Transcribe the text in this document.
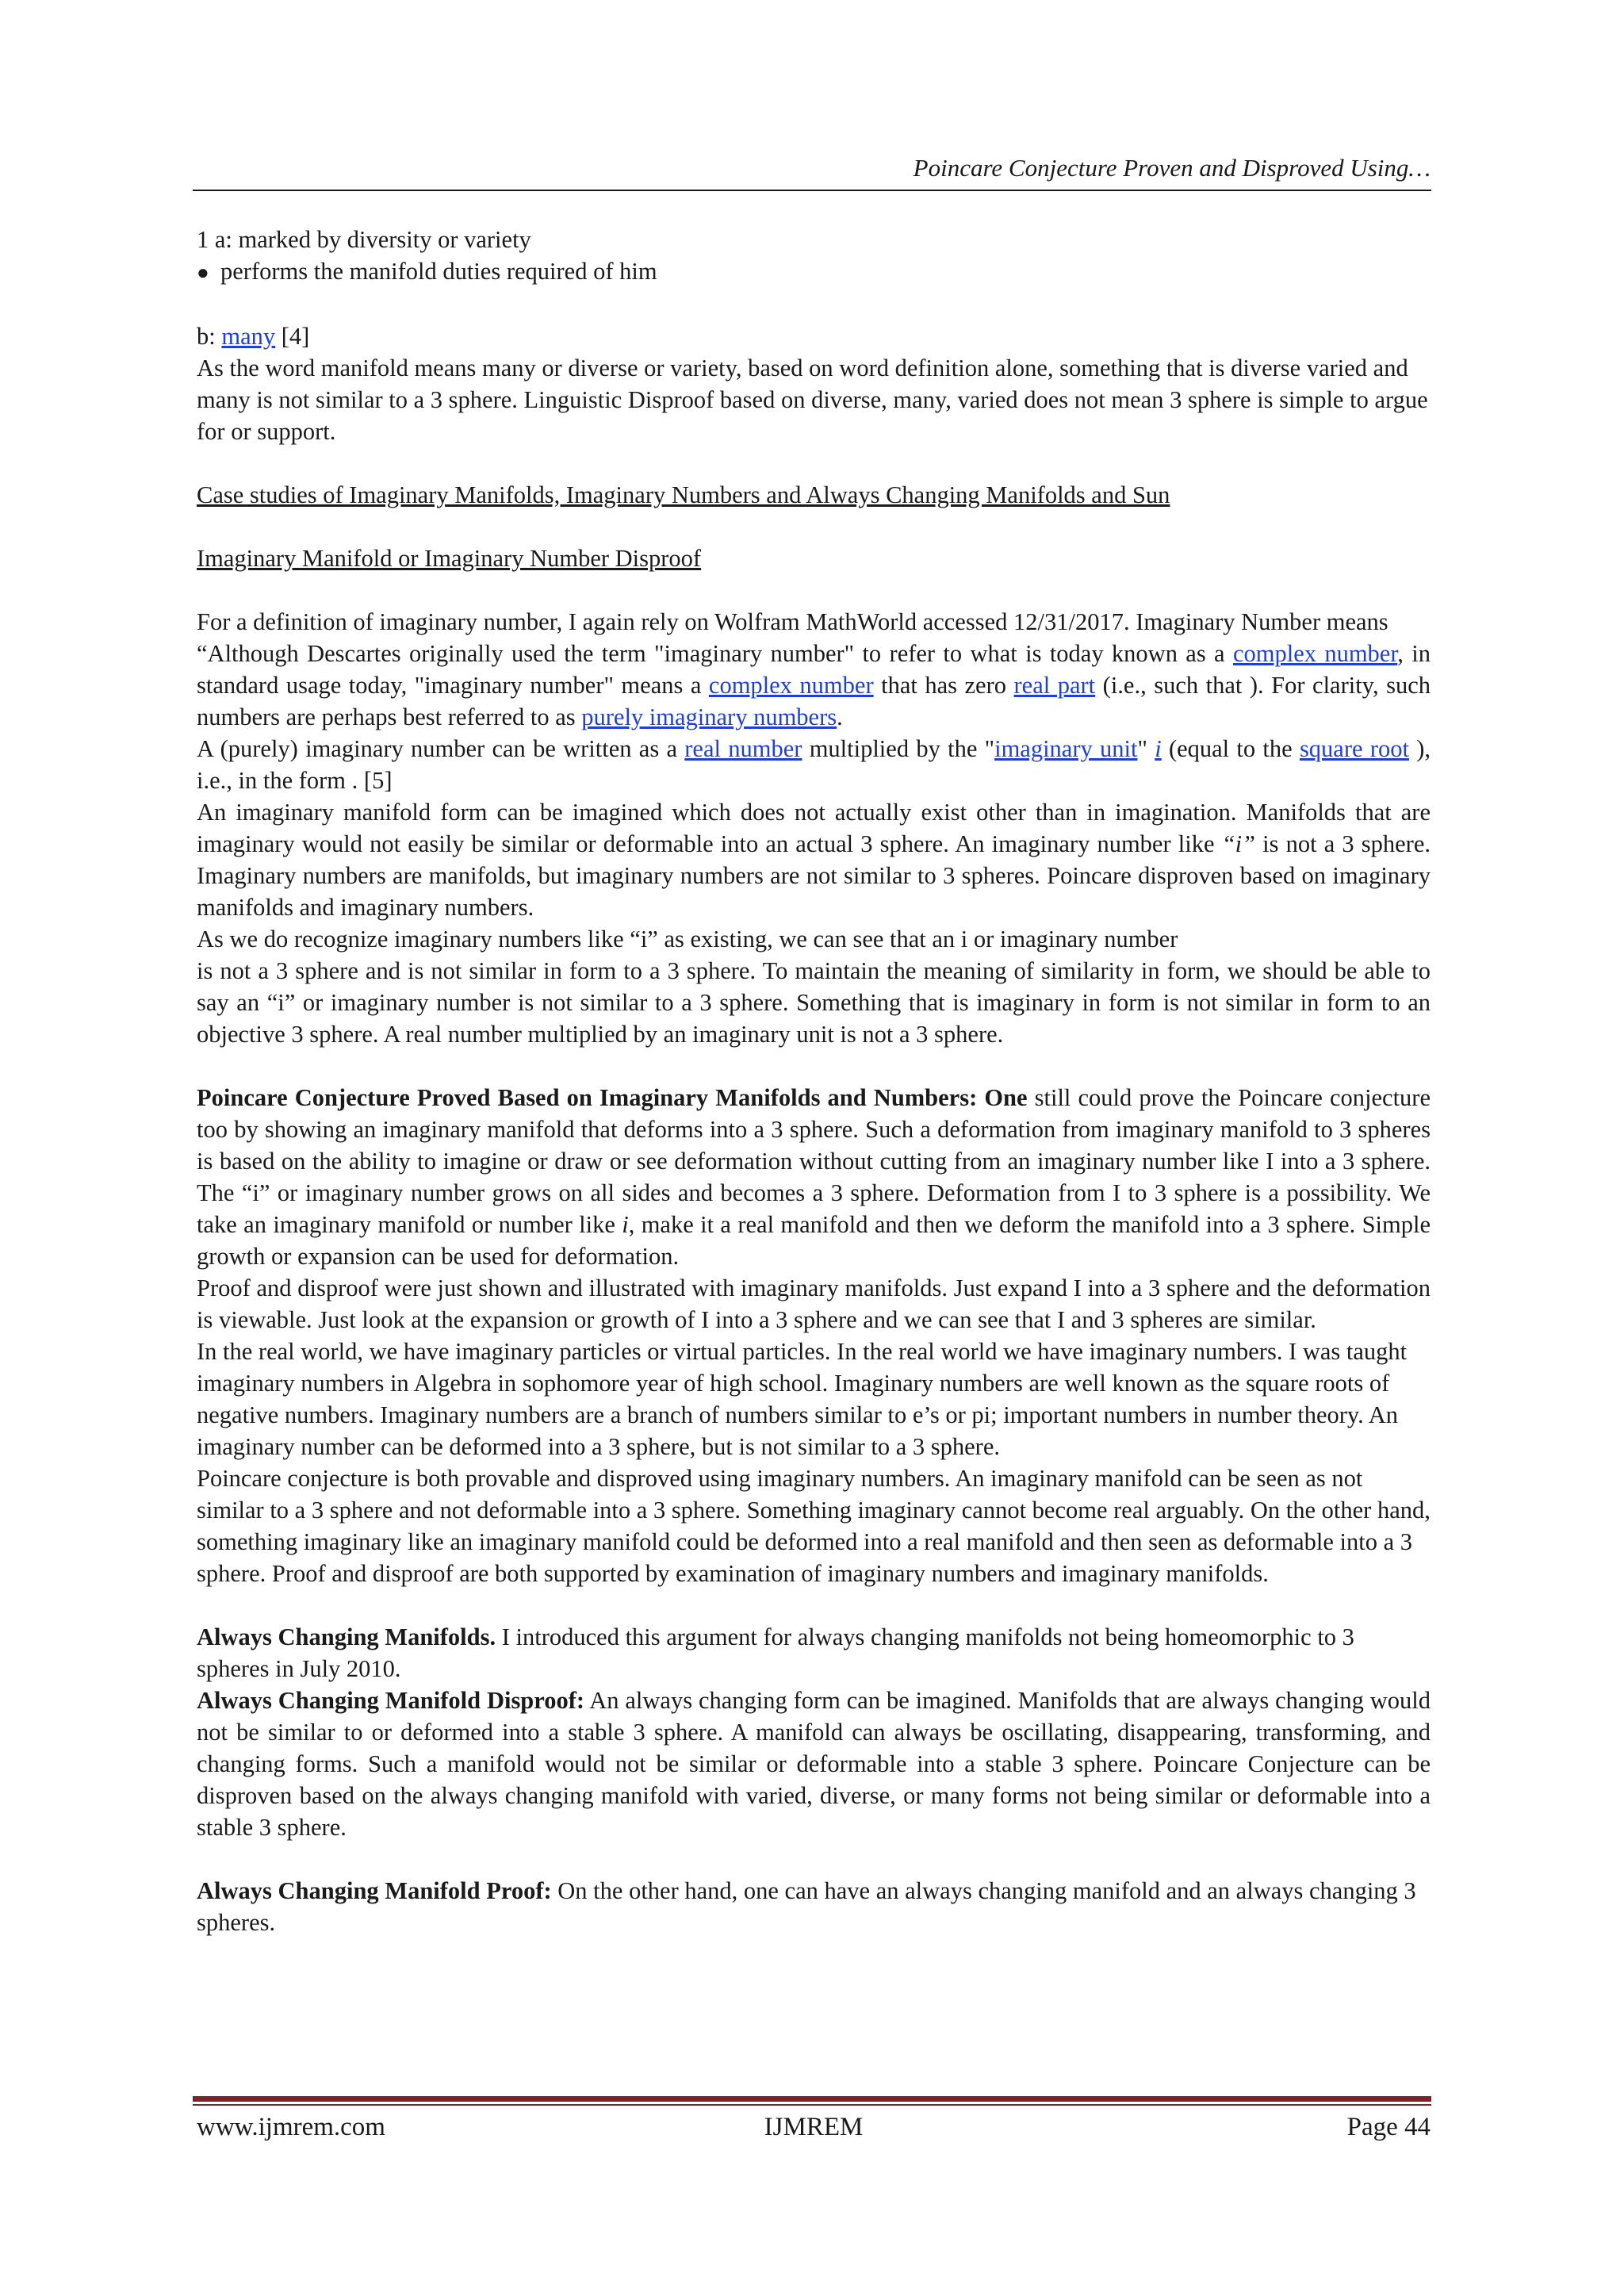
Poincare Conjecture Proven and Disproved Using…

1 a: marked by diversity or variety

● performs the manifold duties required of him

b: many [4]

As the word manifold means many or diverse or variety, based on word definition alone, something that is diverse varied and many is not similar to a 3 sphere. Linguistic Disproof based on diverse, many, varied does not mean 3 sphere is simple to argue for or support.

Case studies of Imaginary Manifolds, Imaginary Numbers and Always Changing Manifolds and Sun

Imaginary Manifold or Imaginary Number Disproof

For a definition of imaginary number, I again rely on Wolfram MathWorld accessed 12/31/2017. Imaginary Number means

“Although Descartes originally used the term "imaginary number" to refer to what is today known as a complex number, in standard usage today, "imaginary number" means a complex number that has zero real part (i.e., such that ). For clarity, such numbers are perhaps best referred to as purely imaginary numbers.

A (purely) imaginary number can be written as a real number multiplied by the "imaginary unit" i (equal to the square root ), i.e., in the form . [5]

An imaginary manifold form can be imagined which does not actually exist other than in imagination. Manifolds that are imaginary would not easily be similar or deformable into an actual 3 sphere. An imaginary number like “i” is not a 3 sphere. Imaginary numbers are manifolds, but imaginary numbers are not similar to 3 spheres. Poincare disproven based on imaginary manifolds and imaginary numbers.

As we do recognize imaginary numbers like “i” as existing, we can see that an i or imaginary number

is not a 3 sphere and is not similar in form to a 3 sphere. To maintain the meaning of similarity in form, we should be able to say an “i” or imaginary number is not similar to a 3 sphere. Something that is imaginary in form is not similar in form to an objective 3 sphere. A real number multiplied by an imaginary unit is not a 3 sphere.

Poincare Conjecture Proved Based on Imaginary Manifolds and Numbers: One still could prove the Poincare conjecture too by showing an imaginary manifold that deforms into a 3 sphere. Such a deformation from imaginary manifold to 3 spheres is based on the ability to imagine or draw or see deformation without cutting from an imaginary number like I into a 3 sphere. The “i” or imaginary number grows on all sides and becomes a 3 sphere. Deformation from I to 3 sphere is a possibility. We take an imaginary manifold or number like i, make it a real manifold and then we deform the manifold into a 3 sphere. Simple growth or expansion can be used for deformation.

Proof and disproof were just shown and illustrated with imaginary manifolds. Just expand I into a 3 sphere and the deformation is viewable. Just look at the expansion or growth of I into a 3 sphere and we can see that I and 3 spheres are similar.

In the real world, we have imaginary particles or virtual particles. In the real world we have imaginary numbers. I was taught imaginary numbers in Algebra in sophomore year of high school. Imaginary numbers are well known as the square roots of negative numbers. Imaginary numbers are a branch of numbers similar to e’s or pi; important numbers in number theory. An imaginary number can be deformed into a 3 sphere, but is not similar to a 3 sphere.

Poincare conjecture is both provable and disproved using imaginary numbers. An imaginary manifold can be seen as not similar to a 3 sphere and not deformable into a 3 sphere. Something imaginary cannot become real arguably. On the other hand, something imaginary like an imaginary manifold could be deformed into a real manifold and then seen as deformable into a 3 sphere. Proof and disproof are both supported by examination of imaginary numbers and imaginary manifolds.

Always Changing Manifolds. I introduced this argument for always changing manifolds not being homeomorphic to 3 spheres in July 2010.

Always Changing Manifold Disproof: An always changing form can be imagined. Manifolds that are always changing would not be similar to or deformed into a stable 3 sphere. A manifold can always be oscillating, disappearing, transforming, and changing forms. Such a manifold would not be similar or deformable into a stable 3 sphere. Poincare Conjecture can be disproven based on the always changing manifold with varied, diverse, or many forms not being similar or deformable into a stable 3 sphere.

Always Changing Manifold Proof: On the other hand, one can have an always changing manifold and an always changing 3 spheres.

www.ijmrem.com	IJMREM	Page 44
